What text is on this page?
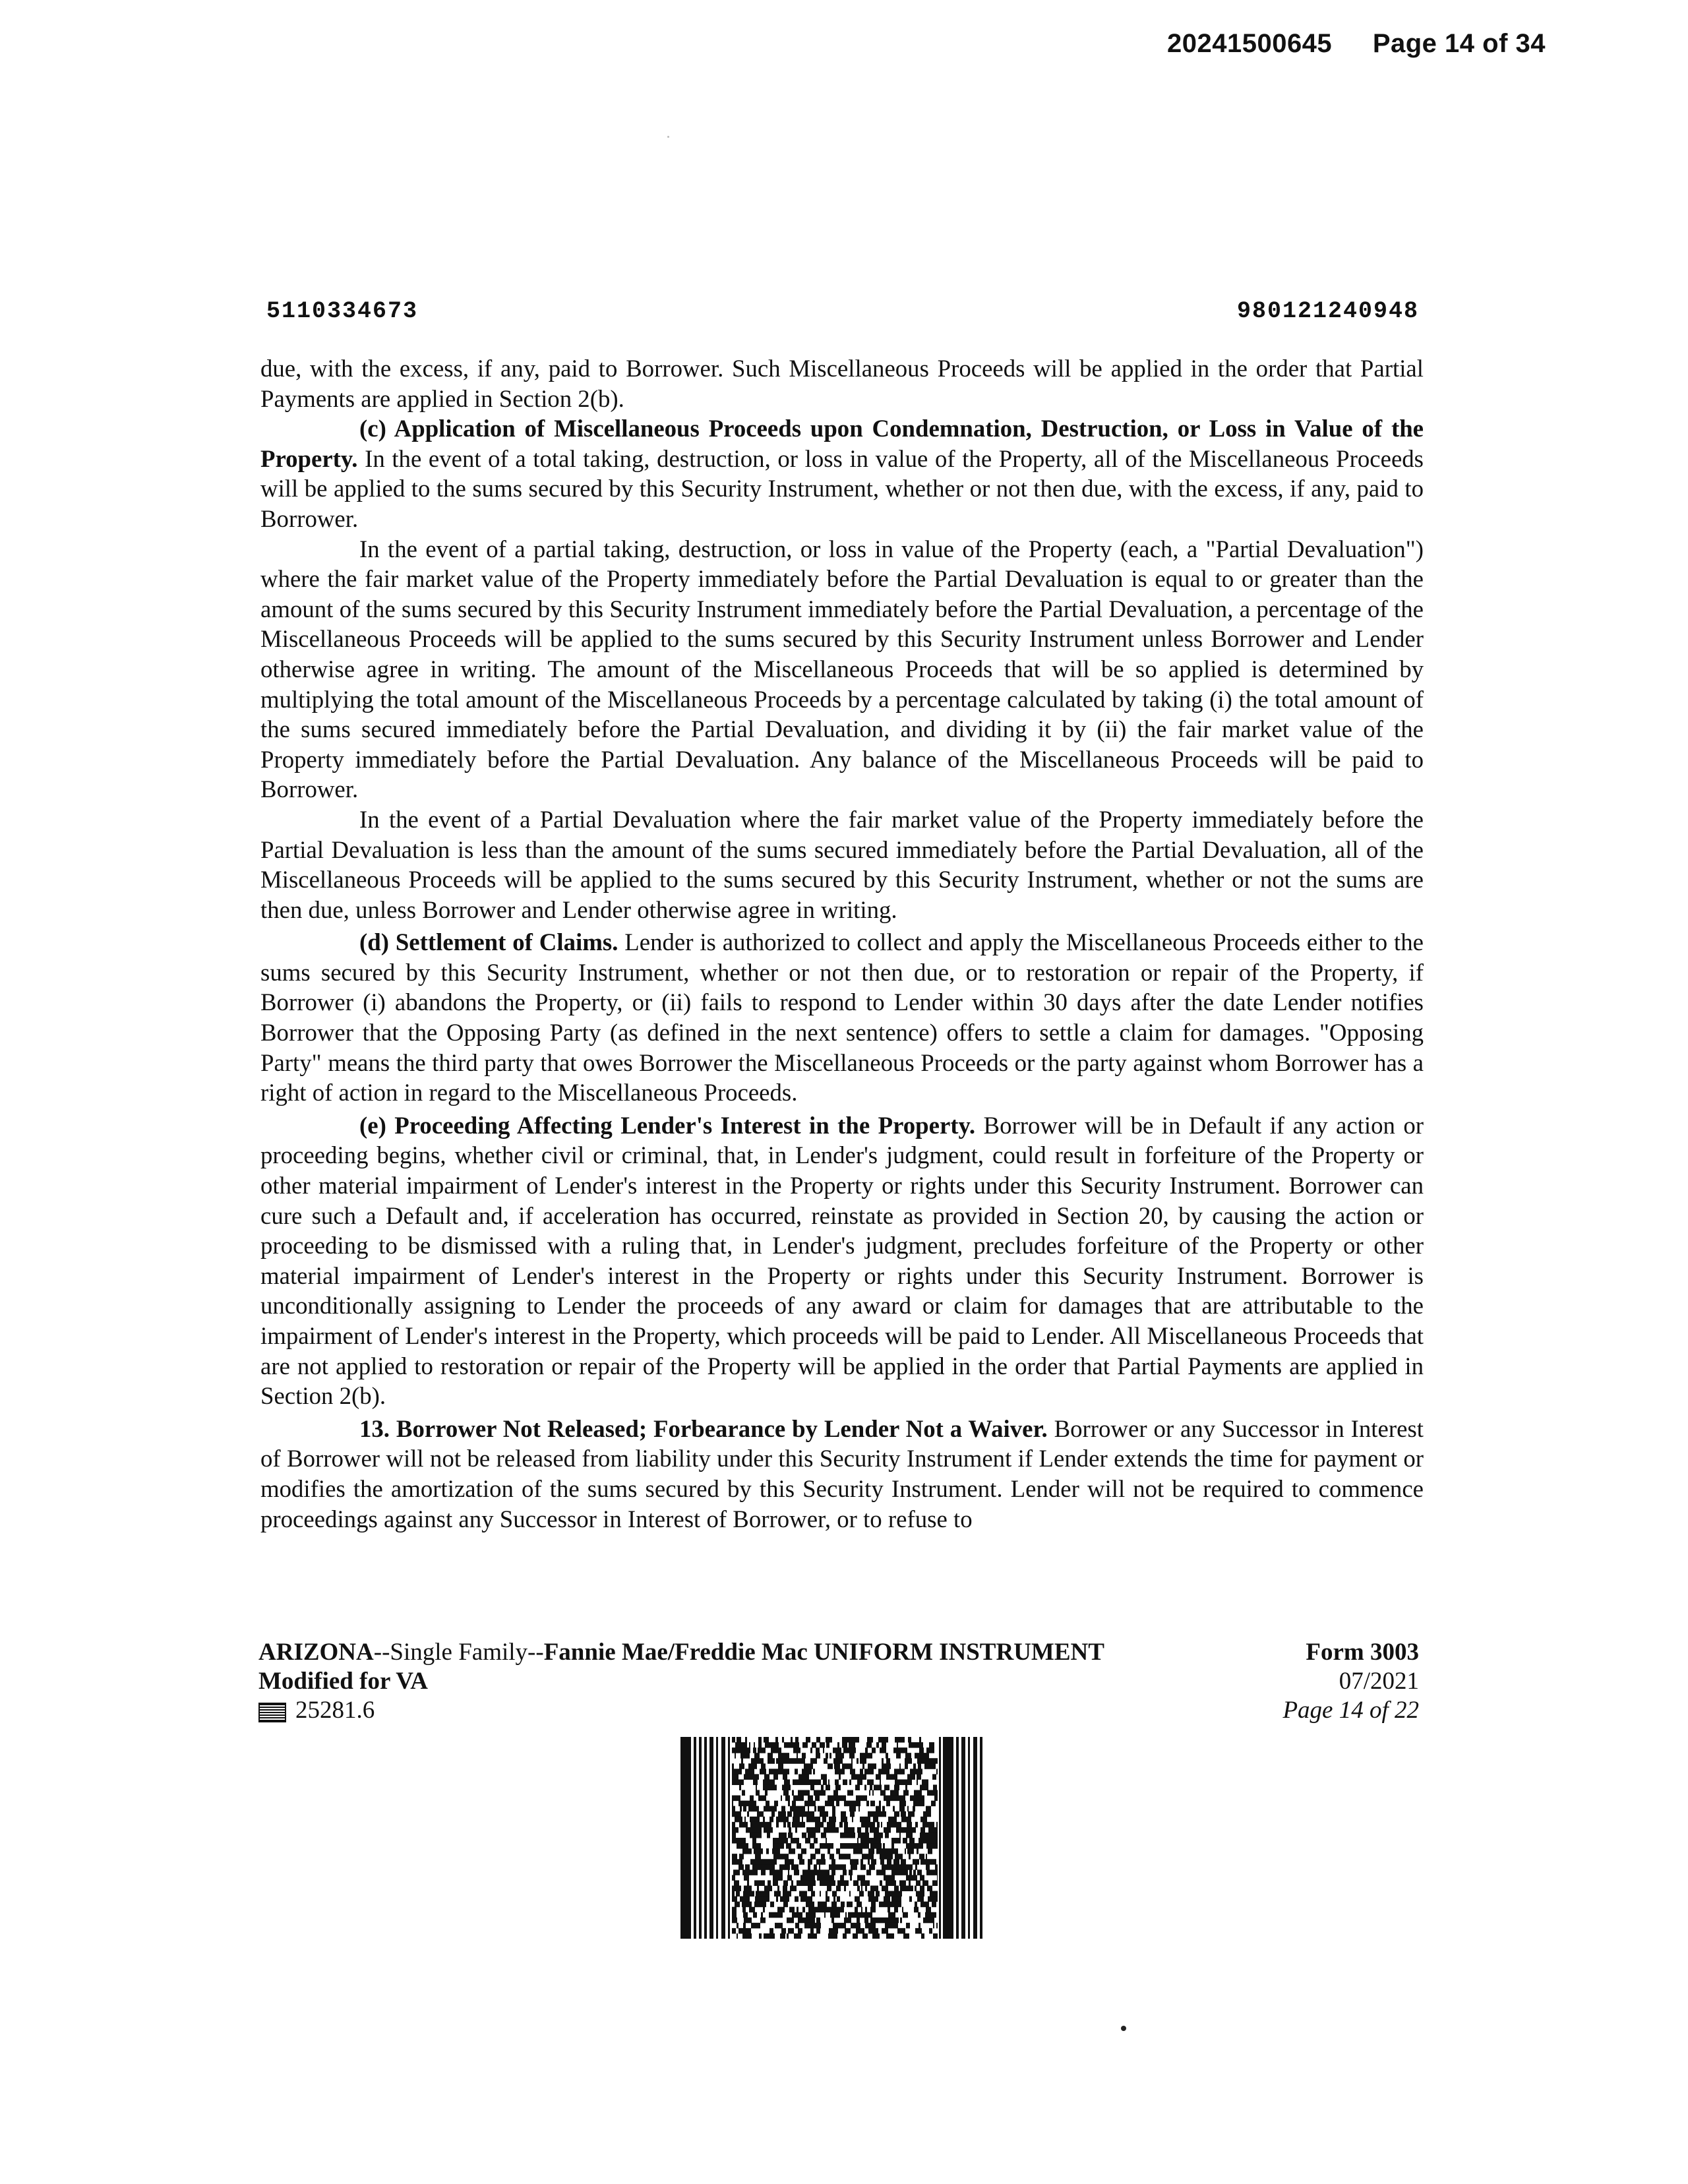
20241500645 Page 14 of 34
5110334673	980121240948

due, with the excess, if any, paid to Borrower. Such Miscellaneous Proceeds will be applied in the order that Partial Payments are applied in Section 2(b).

(c) Application of Miscellaneous Proceeds upon Condemnation, Destruction, or Loss in Value of the Property. In the event of a total taking, destruction, or loss in value of the Property, all of the Miscellaneous Proceeds will be applied to the sums secured by this Security Instrument, whether or not then due, with the excess, if any, paid to Borrower.

In the event of a partial taking, destruction, or loss in value of the Property (each, a "Partial Devaluation") where the fair market value of the Property immediately before the Partial Devaluation is equal to or greater than the amount of the sums secured by this Security Instrument immediately before the Partial Devaluation, a percentage of the Miscellaneous Proceeds will be applied to the sums secured by this Security Instrument unless Borrower and Lender otherwise agree in writing. The amount of the Miscellaneous Proceeds that will be so applied is determined by multiplying the total amount of the Miscellaneous Proceeds by a percentage calculated by taking (i) the total amount of the sums secured immediately before the Partial Devaluation, and dividing it by (ii) the fair market value of the Property immediately before the Partial Devaluation. Any balance of the Miscellaneous Proceeds will be paid to Borrower.

In the event of a Partial Devaluation where the fair market value of the Property immediately before the Partial Devaluation is less than the amount of the sums secured immediately before the Partial Devaluation, all of the Miscellaneous Proceeds will be applied to the sums secured by this Security Instrument, whether or not the sums are then due, unless Borrower and Lender otherwise agree in writing.

(d) Settlement of Claims. Lender is authorized to collect and apply the Miscellaneous Proceeds either to the sums secured by this Security Instrument, whether or not then due, or to restoration or repair of the Property, if Borrower (i) abandons the Property, or (ii) fails to respond to Lender within 30 days after the date Lender notifies Borrower that the Opposing Party (as defined in the next sentence) offers to settle a claim for damages. "Opposing Party" means the third party that owes Borrower the Miscellaneous Proceeds or the party against whom Borrower has a right of action in regard to the Miscellaneous Proceeds.

(e) Proceeding Affecting Lender's Interest in the Property. Borrower will be in Default if any action or proceeding begins, whether civil or criminal, that, in Lender's judgment, could result in forfeiture of the Property or other material impairment of Lender's interest in the Property or rights under this Security Instrument. Borrower can cure such a Default and, if acceleration has occurred, reinstate as provided in Section 20, by causing the action or proceeding to be dismissed with a ruling that, in Lender's judgment, precludes forfeiture of the Property or other material impairment of Lender's interest in the Property or rights under this Security Instrument. Borrower is unconditionally assigning to Lender the proceeds of any award or claim for damages that are attributable to the impairment of Lender's interest in the Property, which proceeds will be paid to Lender. All Miscellaneous Proceeds that are not applied to restoration or repair of the Property will be applied in the order that Partial Payments are applied in Section 2(b).

13. Borrower Not Released; Forbearance by Lender Not a Waiver. Borrower or any Successor in Interest of Borrower will not be released from liability under this Security Instrument if Lender extends the time for payment or modifies the amortization of the sums secured by this Security Instrument. Lender will not be required to commence proceedings against any Successor in Interest of Borrower, or to refuse to

ARIZONA--Single Family--Fannie Mae/Freddie Mac UNIFORM INSTRUMENT
Modified for VA
25281.6
Form 3003
07/2021
Page 14 of 22
